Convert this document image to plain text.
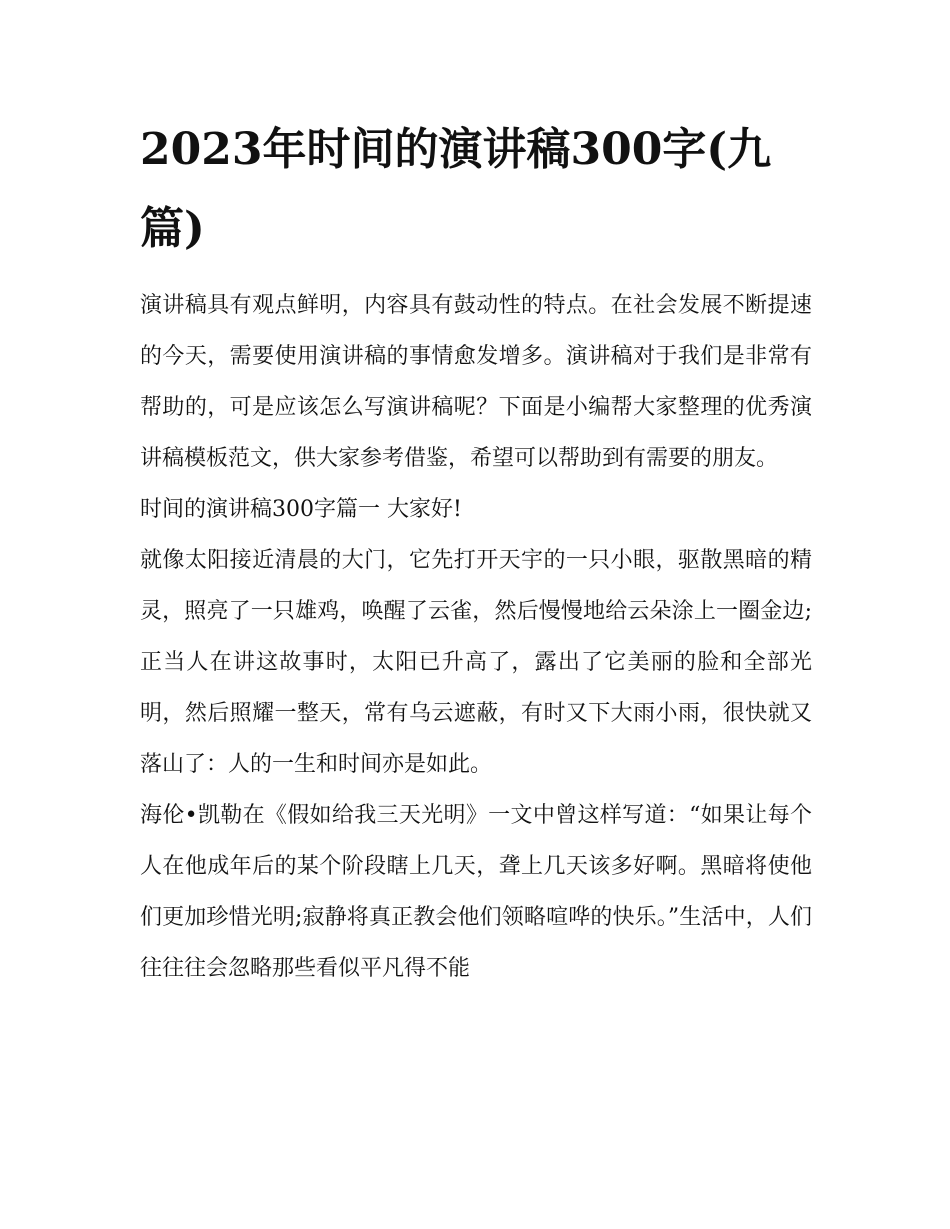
2023年时间的演讲稿300字(九篇)

演讲稿具有观点鲜明，内容具有鼓动性的特点。在社会发展不断提速的今天，需要使用演讲稿的事情愈发增多。演讲稿对于我们是非常有帮助的，可是应该怎么写演讲稿呢？下面是小编帮大家整理的优秀演讲稿模板范文，供大家参考借鉴，希望可以帮助到有需要的朋友。

时间的演讲稿300字篇一 大家好!

就像太阳接近清晨的大门，它先打开天宇的一只小眼，驱散黑暗的精灵，照亮了一只雄鸡，唤醒了云雀，然后慢慢地给云朵涂上一圈金边;正当人在讲这故事时，太阳已升高了，露出了它美丽的脸和全部光明，然后照耀一整天，常有乌云遮蔽，有时又下大雨小雨，很快就又落山了：人的一生和时间亦是如此。

海伦•凯勒在《假如给我三天光明》一文中曾这样写道：“如果让每个人在他成年后的某个阶段瞎上几天，聋上几天该多好啊。黑暗将使他们更加珍惜光明;寂静将真正教会他们领略喧哗的快乐。”生活中，人们往往往会忽略那些看似平凡得不能
